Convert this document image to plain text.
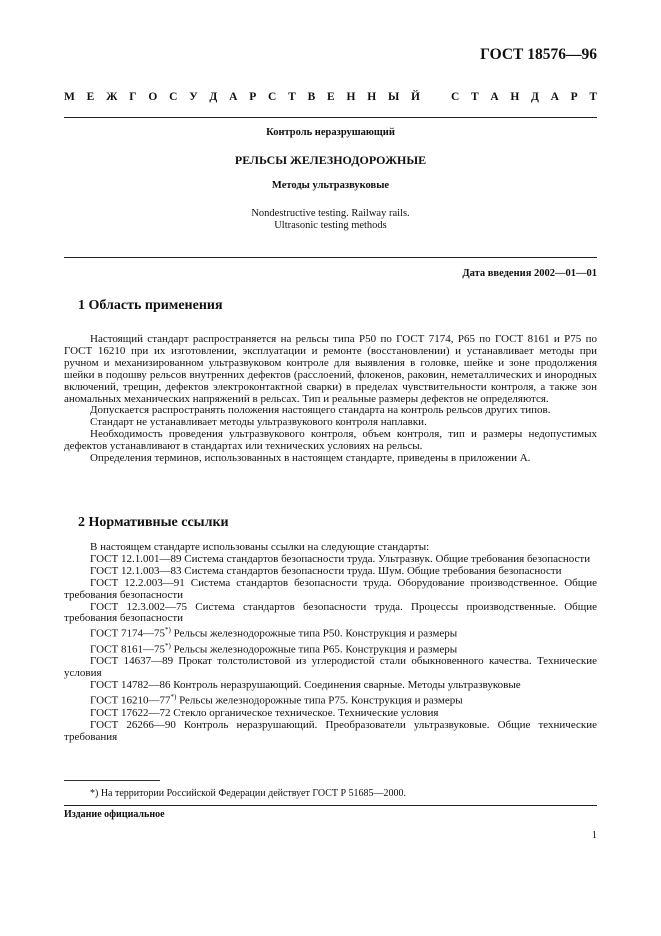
ГОСТ 18576—96
М Е Ж Г О С У Д А Р С Т В Е Н Н Ы Й	С Т А Н Д А Р Т
Контроль неразрушающий
РЕЛЬСЫ ЖЕЛЕЗНОДОРОЖНЫЕ
Методы ультразвуковые
Nondestructive testing. Railway rails.
Ultrasonic testing methods
Дата введения 2002—01—01
1 Область применения

Настоящий стандарт распространяется на рельсы типа Р50 по ГОСТ 7174, Р65 по ГОСТ 8161 и Р75 по ГОСТ 16210 при их изготовлении, эксплуатации и ремонте (восстановлении) и устанавливает методы при ручном и механизированном ультразвуковом контроле для выявления в головке, шейке и зоне продолжения шейки в подошву рельсов внутренних дефектов (расслоений, флокенов, раковин, неметаллических и инородных включений, трещин, дефектов электроконтактной сварки) в пределах чувствительности контроля, а также зон аномальных механических напряжений в рельсах. Тип и реальные размеры дефектов не определяются.

Допускается распространять положения настоящего стандарта на контроль рельсов других типов.

Стандарт не устанавливает методы ультразвукового контроля наплавки.

Необходимость проведения ультразвукового контроля, объем контроля, тип и размеры недопустимых дефектов устанавливают в стандартах или технических условиях на рельсы.

Определения терминов, использованных в настоящем стандарте, приведены в приложении А.

2 Нормативные ссылки

В настоящем стандарте использованы ссылки на следующие стандарты:

ГОСТ 12.1.001—89 Система стандартов безопасности труда. Ультразвук. Общие требования безопасности

ГОСТ 12.1.003—83 Система стандартов безопасности труда. Шум. Общие требования безопасности

ГОСТ 12.2.003—91 Система стандартов безопасности труда. Оборудование производственное. Общие требования безопасности

ГОСТ 12.3.002—75 Система стандартов безопасности труда. Процессы производственные. Общие требования безопасности

ГОСТ 7174—75*) Рельсы железнодорожные типа Р50. Конструкция и размеры

ГОСТ 8161—75*) Рельсы железнодорожные типа Р65. Конструкция и размеры

ГОСТ 14637—89 Прокат толстолистовой из углеродистой стали обыкновенного качества. Технические условия

ГОСТ 14782—86 Контроль неразрушающий. Соединения сварные. Методы ультразвуковые

ГОСТ 16210—77*) Рельсы железнодорожные типа Р75. Конструкция и размеры

ГОСТ 17622—72 Стекло органическое техническое. Технические условия

ГОСТ 26266—90 Контроль неразрушающий. Преобразователи ультразвуковые. Общие технические требования

*) На территории Российской Федерации действует ГОСТ Р 51685—2000.
Издание официальное
1
